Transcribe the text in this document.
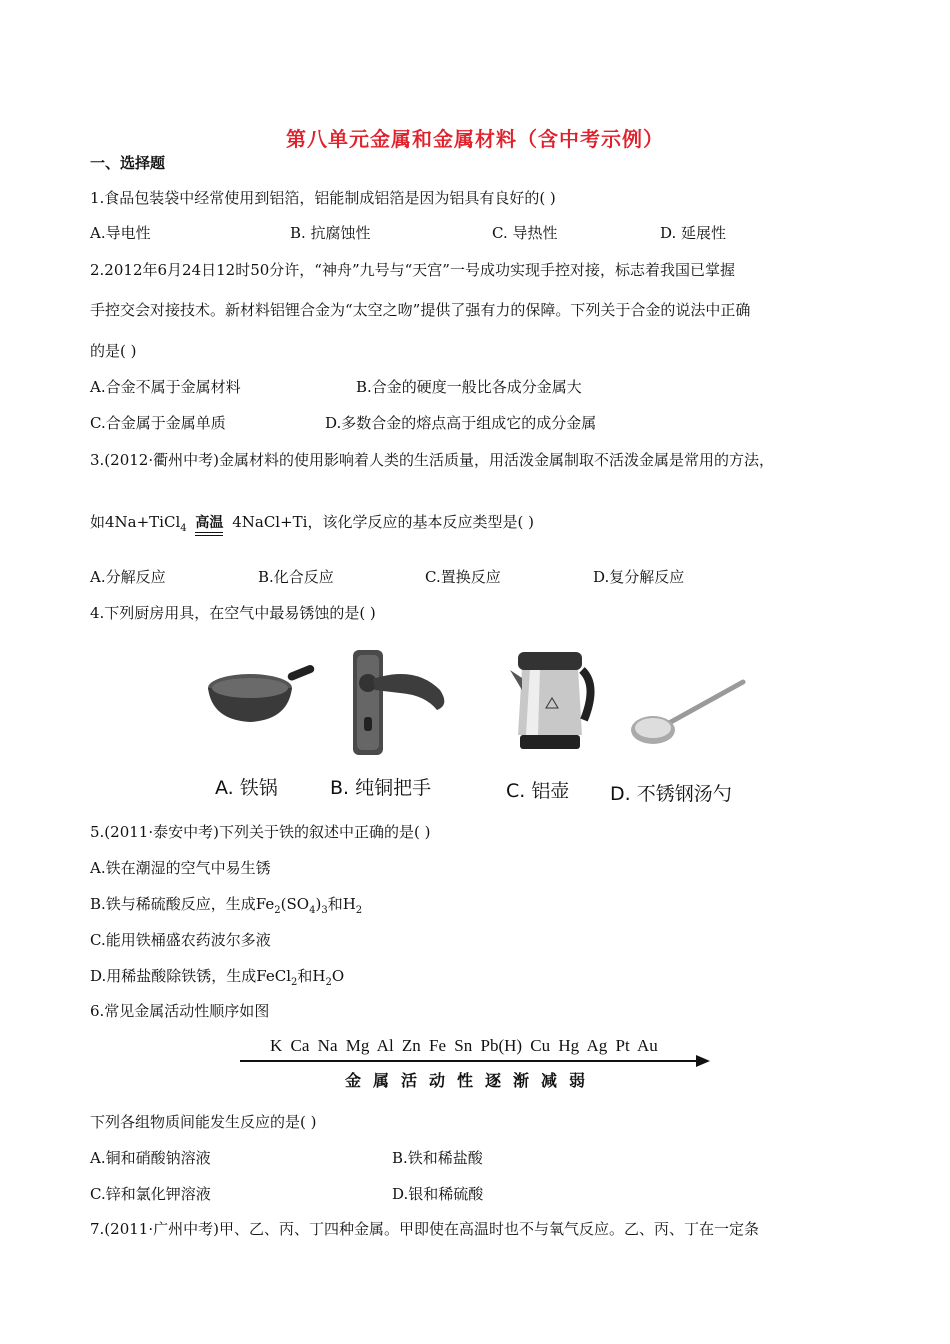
第八单元金属和金属材料（含中考示例）
一、选择题
1.食品包装袋中经常使用到铝箔，铝能制成铝箔是因为铝具有良好的( )
A.导电性	B. 抗腐蚀性	C. 导热性	D. 延展性
2.2012年6月24日12时50分许，“神舟”九号与“天宫”一号成功实现手控对接，标志着我国已掌握
手控交会对接技术。新材料铝锂合金为“太空之吻”提供了强有力的保障。下列关于合金的说法中正确
的是( )
A.合金不属于金属材料	B.合金的硬度一般比各成分金属大
C.合金属于金属单质	D.多数合金的熔点高于组成它的成分金属
3.(2012·衢州中考)金属材料的使用影响着人类的生活质量，用活泼金属制取不活泼金属是常用的方法，
如4Na+TiCl$_4$ 高温 4NaCl+Ti，该化学反应的基本反应类型是( )
A.分解反应	B.化合反应	C.置换反应	D.复分解反应
4.下列厨房用具，在空气中最易锈蚀的是( )
A. 铁锅	B. 纯铜把手	C. 铝壶 D. 不锈钢汤勺
5.(2011·泰安中考)下列关于铁的叙述中正确的是( )
A.铁在潮湿的空气中易生锈
B.铁与稀硫酸反应，生成$Fe_2(SO_4)_3$和$H_2$
C.能用铁桶盛农药波尔多液
D.用稀盐酸除铁锈，生成FeCl$_2$和$H_2O$
6.常见金属活动性顺序如图
K Ca Na Mg Al Zn Fe Sn Pb(H) Cu Hg Ag Pt Au
金属活动性逐渐减弱
下列各组物质间能发生反应的是( )
A.铜和硝酸钠溶液	B.铁和稀盐酸
C.锌和氯化钾溶液	D.银和稀硫酸
7.(2011·广州中考)甲、乙、丙、丁四种金属。甲即使在高温时也不与氧气反应。乙、丙、丁在一定条
